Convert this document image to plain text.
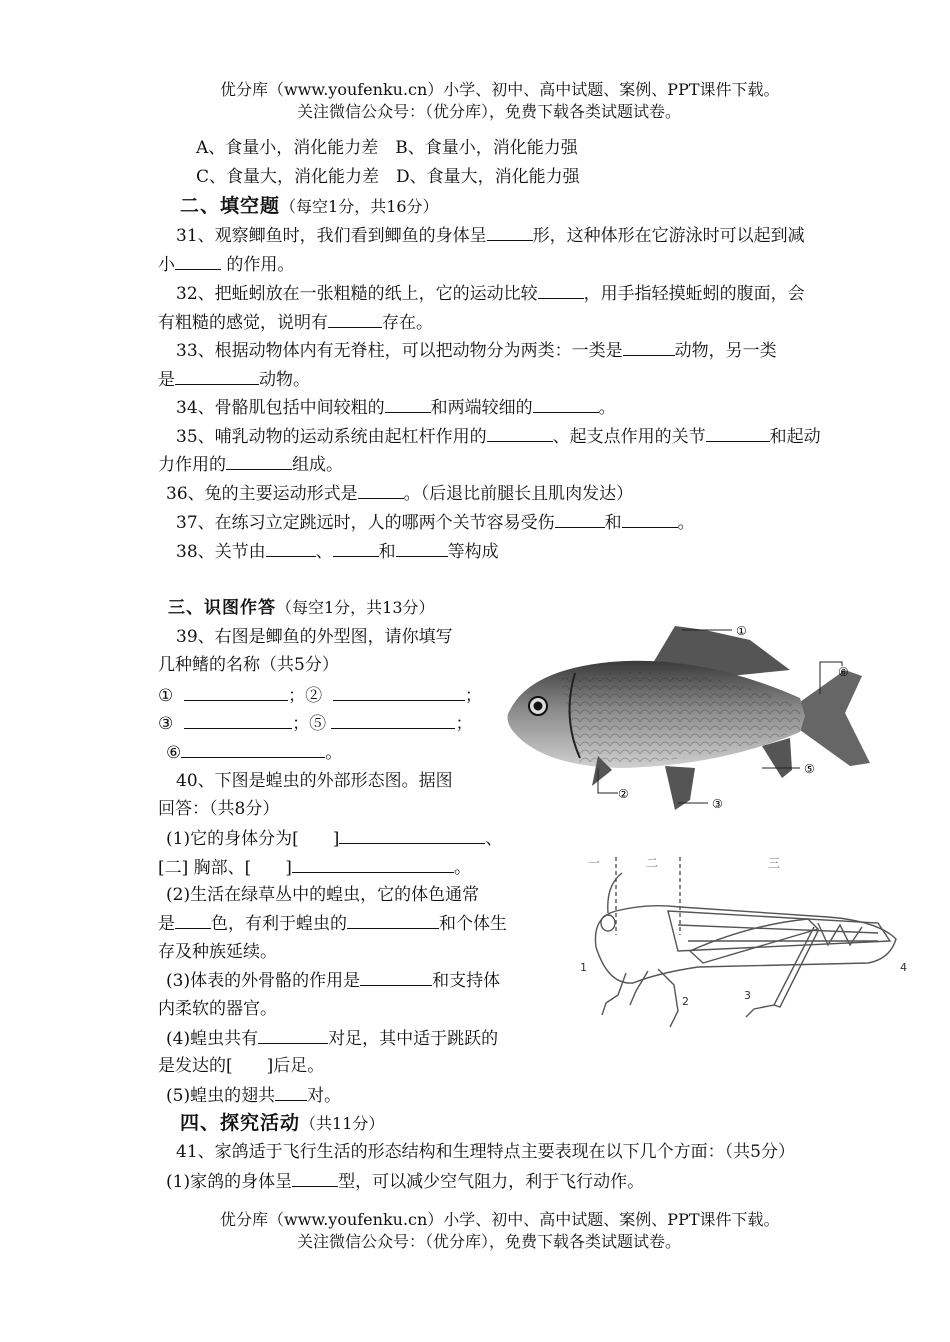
优分库（www.youfenku.cn）小学、初中、高中试题、案例、PPT课件下载。
关注微信公众号：（优分库），免费下载各类试题试卷。
A、食量小，消化能力差　B、食量小，消化能力强
C、食量大，消化能力差　D、食量大，消化能力强
二、填空题（每空1分，共16分）
31、观察鲫鱼时，我们看到鲫鱼的身体呈	形，这种体形在它游泳时可以起到减
小	的作用。
32、把蚯蚓放在一张粗糙的纸上，它的运动比较	，用手指轻摸蚯蚓的腹面，会
有粗糙的感觉，说明有	存在。
33、根据动物体内有无脊柱，可以把动物分为两类：一类是	动物，另一类
是	动物。
34、骨骼肌包括中间较粗的	和两端较细的	。
35、哺乳动物的运动系统由起杠杆作用的	、起支点作用的关节	和起动
力作用的	组成。
36、兔的主要运动形式是	。（后退比前腿长且肌肉发达）
37、在练习立定跳远时，人的哪两个关节容易受伤	和	。
38、关节由	、	和	等构成
三、识图作答（每空1分，共13分）
39、右图是鲫鱼的外型图，请你填写
几种鳍的名称（共5分）
①	；②	；
③	；⑤	；
⑥	。
40、下图是蝗虫的外部形态图。据图
回答：（共8分）
(1)它的身体分为[　　]	、
[二] 胸部、[　　]	。
(2)生活在绿草丛中的蝗虫，它的体色通常
是 色，有利于蝗虫的	和个体生
存及种族延续。
(3)体表的外骨骼的作用是	和支持体
内柔软的器官。
(4)蝗虫共有	对足，其中适于跳跃的
是发达的[　　]后足。
(5)蝗虫的翅共 对。
四、探究活动（共11分）
41、家鸽适于飞行生活的形态结构和生理特点主要表现在以下几个方面：（共5分）
(1)家鸽的身体呈	型，可以减少空气阻力，利于飞行动作。
优分库（www.youfenku.cn）小学、初中、高中试题、案例、PPT课件下载。
关注微信公众号：（优分库），免费下载各类试题试卷。
①
⑥
⑤
②
③
一	二	三
1
2	3
4
